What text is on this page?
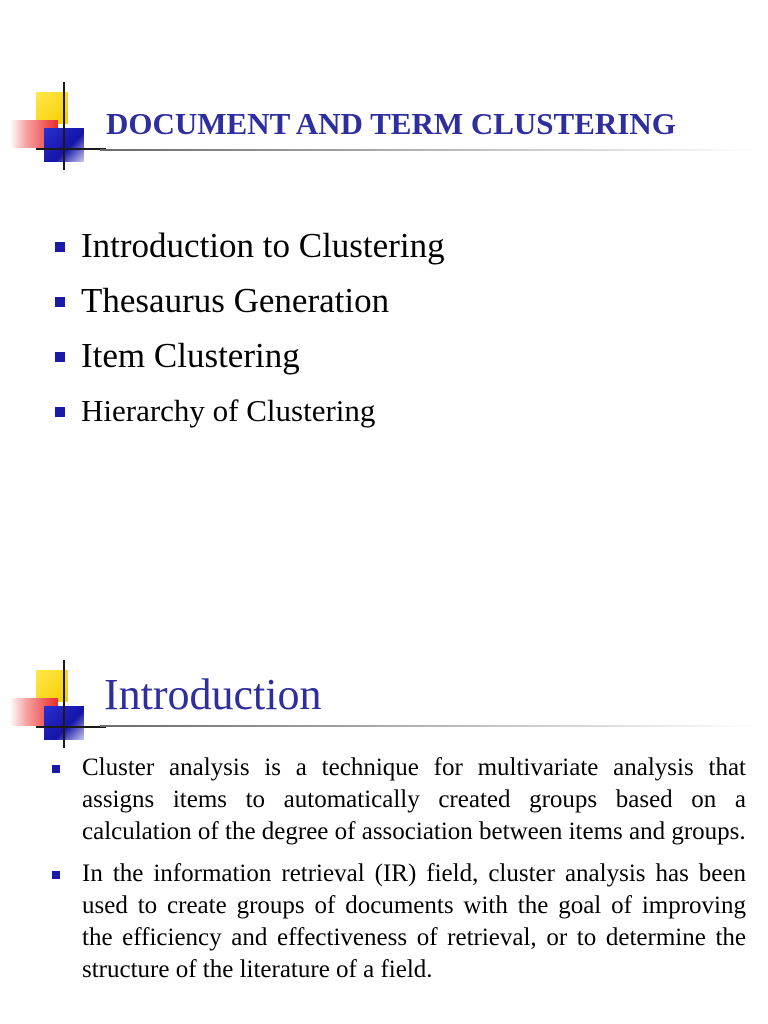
DOCUMENT AND TERM CLUSTERING
Introduction to Clustering
Thesaurus Generation
Item Clustering
Hierarchy of Clustering
Introduction
Cluster analysis is a technique for multivariate analysis that assigns items to automatically created groups based on a calculation of the degree of association between items and groups.
In the information retrieval (IR) field, cluster analysis has been used to create groups of documents with the goal of improving the efficiency and effectiveness of retrieval, or to determine the structure of the literature of a field.
